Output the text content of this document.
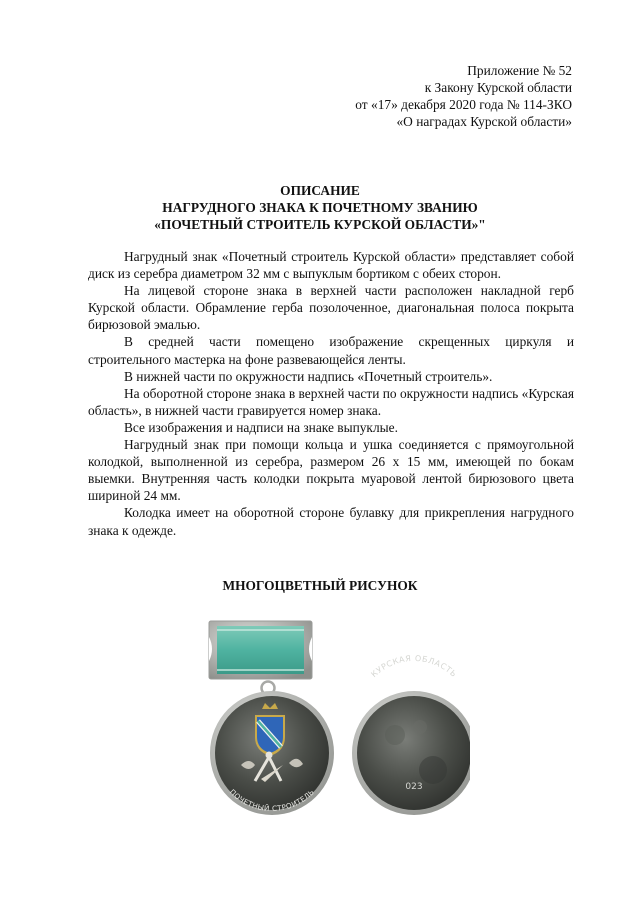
Приложение № 52
к Закону Курской области
от «17» декабря 2020 года № 114-ЗКО
«О наградах Курской области»
ОПИСАНИЕ
НАГРУДНОГО ЗНАКА К ПОЧЕТНОМУ ЗВАНИЮ
«ПОЧЕТНЫЙ СТРОИТЕЛЬ КУРСКОЙ ОБЛАСТИ»"

Нагрудный знак «Почетный строитель Курской области» представляет собой диск из серебра диаметром 32 мм с выпуклым бортиком с обеих сторон.

На лицевой стороне знака в верхней части расположен накладной герб Курской области. Обрамление герба позолоченное, диагональная полоса покрыта бирюзовой эмалью.

В средней части помещено изображение скрещенных циркуля и строительного мастерка на фоне развевающейся ленты.

В нижней части по окружности надпись «Почетный строитель».

На оборотной стороне знака в верхней части по окружности надпись «Курская область», в нижней части гравируется номер знака.

Все изображения и надписи на знаке выпуклые.

Нагрудный знак при помощи кольца и ушка соединяется с прямоугольной колодкой, выполненной из серебра, размером 26 х 15 мм, имеющей по бокам выемки. Внутренняя часть колодки покрыта муаровой лентой бирюзового цвета шириной 24 мм.

Колодка имеет на оборотной стороне булавку для прикрепления нагрудного знака к одежде.

МНОГОЦВЕТНЫЙ РИСУНОК
ПОЧЕТНЫЙ СТРОИТЕЛЬ
КУРСКАЯ ОБЛАСТЬ
023
